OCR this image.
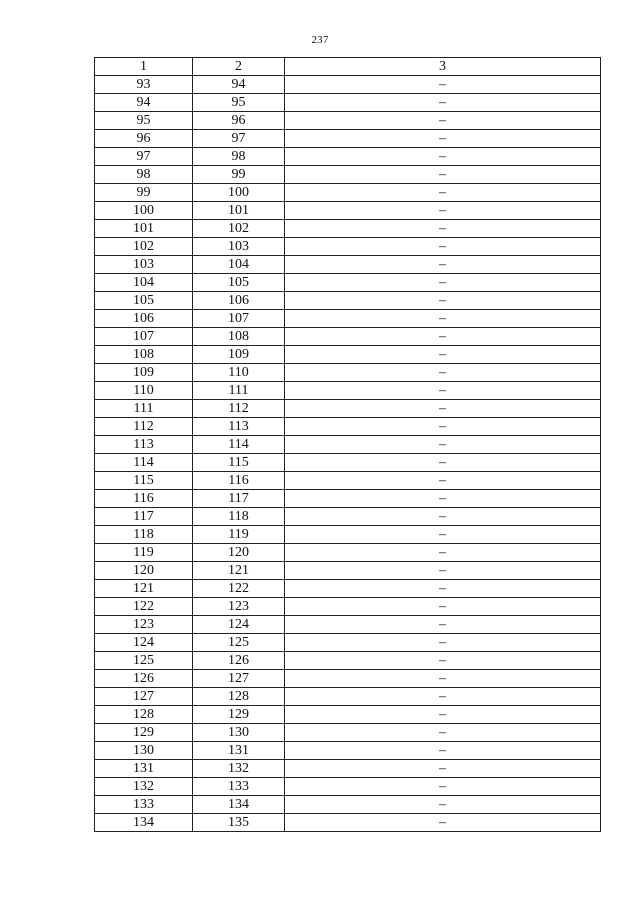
237
1	2	3
93	94	–
94	95	–
95	96	–
96	97	–
97	98	–
98	99	–
99	100	–
100	101	–
101	102	–
102	103	–
103	104	–
104	105	–
105	106	–
106	107	–
107	108	–
108	109	–
109	110	–
110	111	–
111	112	–
112	113	–
113	114	–
114	115	–
115	116	–
116	117	–
117	118	–
118	119	–
119	120	–
120	121	–
121	122	–
122	123	–
123	124	–
124	125	–
125	126	–
126	127	–
127	128	–
128	129	–
129	130	–
130	131	–
131	132	–
132	133	–
133	134	–
134	135	–
